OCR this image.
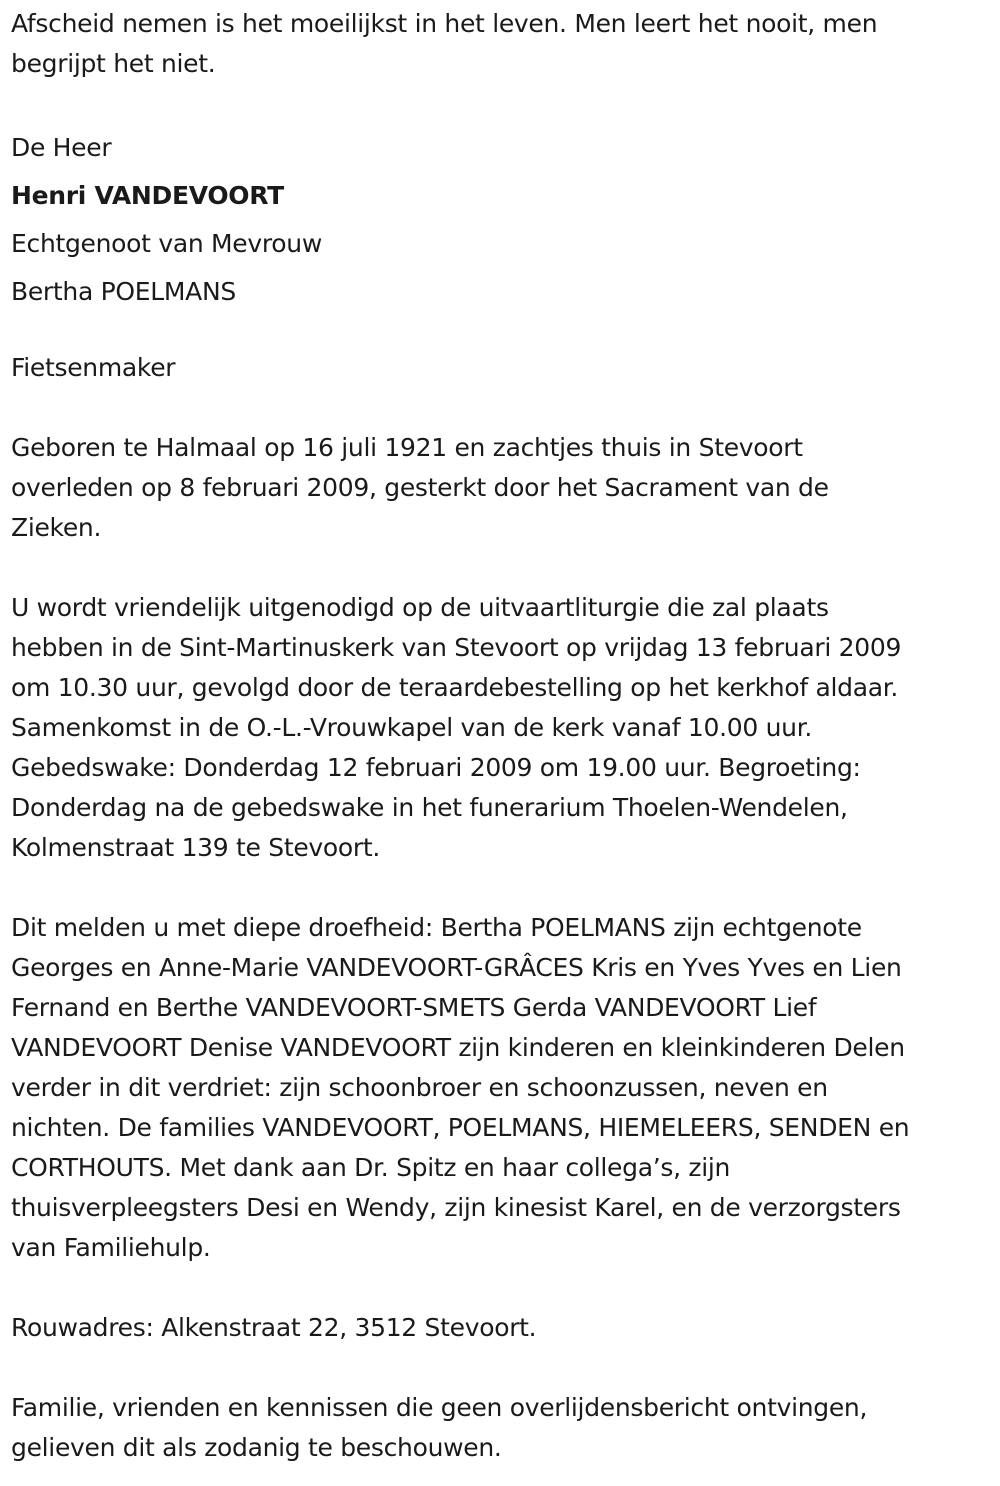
Afscheid nemen is het moeilijkst in het leven. Men leert het nooit, men
begrijpt het niet.

De Heer
Henri VANDEVOORT
Echtgenoot van Mevrouw
Bertha POELMANS

Fietsenmaker

Geboren te Halmaal op 16 juli 1921 en zachtjes thuis in Stevoort
overleden op 8 februari 2009, gesterkt door het Sacrament van de
Zieken.

U wordt vriendelijk uitgenodigd op de uitvaartliturgie die zal plaats
hebben in de Sint-Martinuskerk van Stevoort op vrijdag 13 februari 2009
om 10.30 uur, gevolgd door de teraardebestelling op het kerkhof aldaar.
Samenkomst in de O.-L.-Vrouwkapel van de kerk vanaf 10.00 uur.
Gebedswake: Donderdag 12 februari 2009 om 19.00 uur. Begroeting:
Donderdag na de gebedswake in het funerarium Thoelen-Wendelen,
Kolmenstraat 139 te Stevoort.

Dit melden u met diepe droefheid: Bertha POELMANS zijn echtgenote
Georges en Anne-Marie VANDEVOORT-GRÂCES Kris en Yves Yves en Lien
Fernand en Berthe VANDEVOORT-SMETS Gerda VANDEVOORT Lief
VANDEVOORT Denise VANDEVOORT zijn kinderen en kleinkinderen Delen
verder in dit verdriet: zijn schoonbroer en schoonzussen, neven en
nichten. De families VANDEVOORT, POELMANS, HIEMELEERS, SENDEN en
CORTHOUTS. Met dank aan Dr. Spitz en haar collega’s, zijn
thuisverpleegsters Desi en Wendy, zijn kinesist Karel, en de verzorgsters
van Familiehulp.

Rouwadres: Alkenstraat 22, 3512 Stevoort.

Familie, vrienden en kennissen die geen overlijdensbericht ontvingen,
gelieven dit als zodanig te beschouwen.
